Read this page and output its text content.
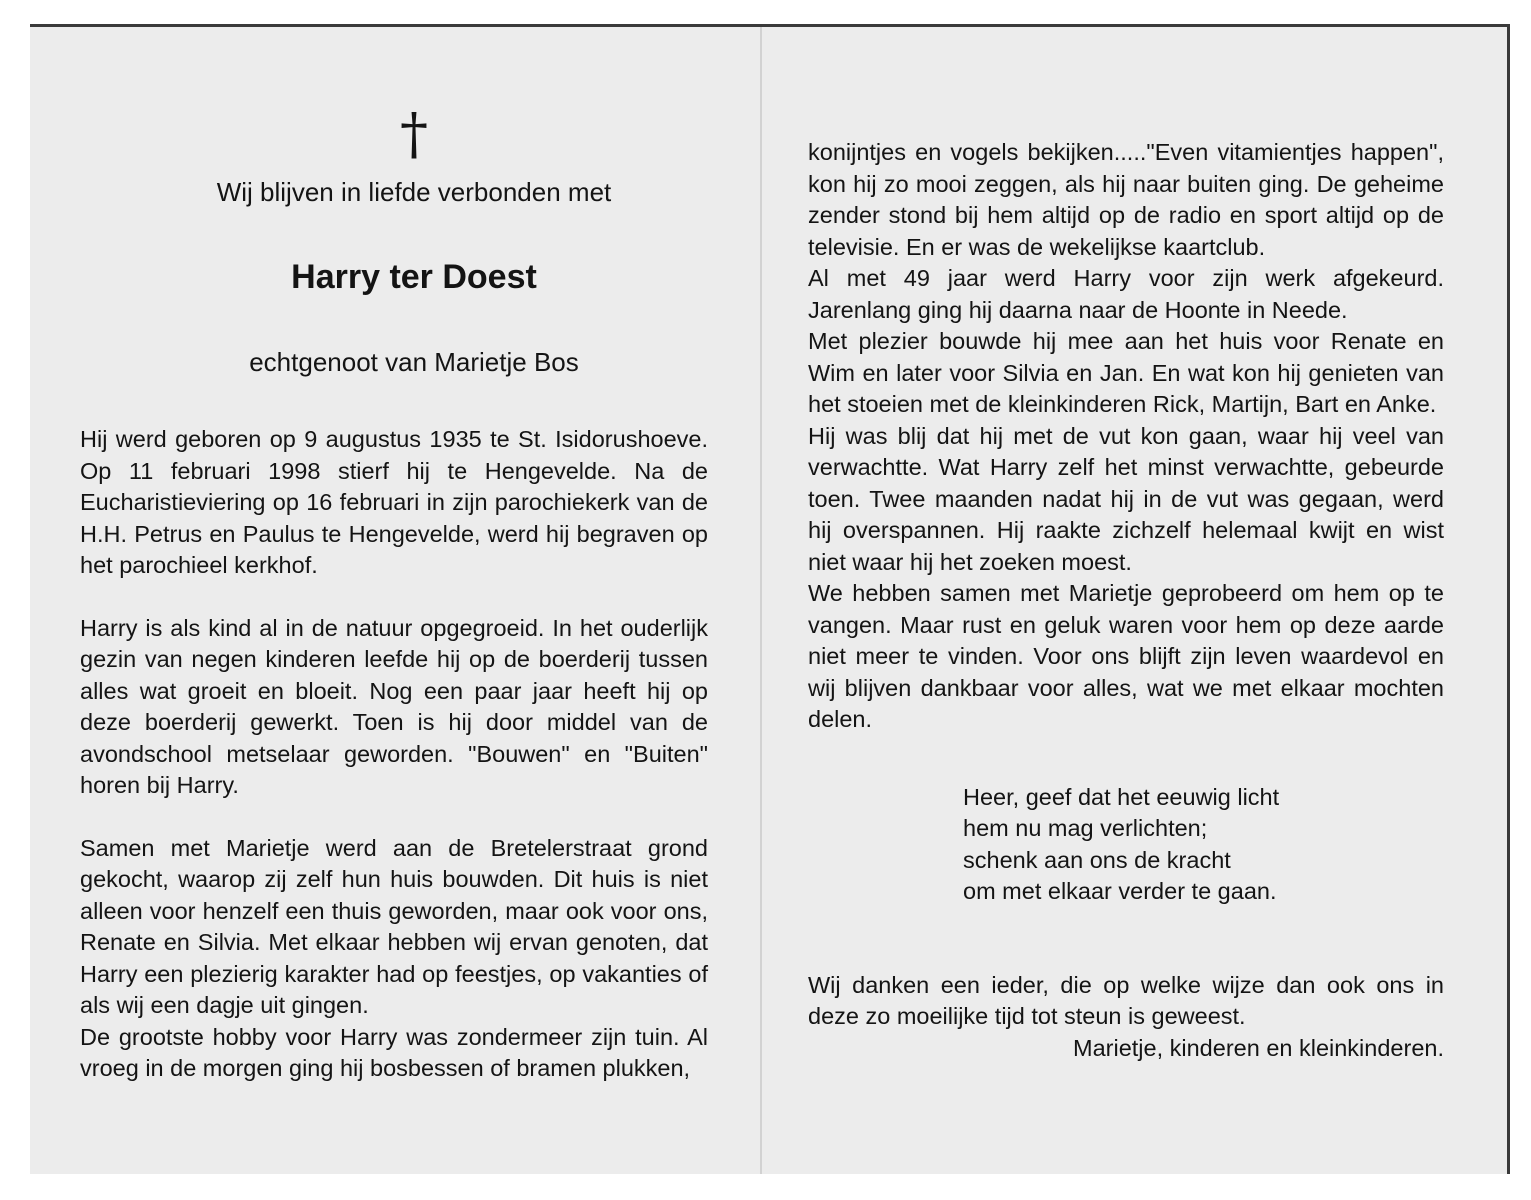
†
Wij blijven in liefde verbonden met
Harry ter Doest
echtgenoot van Marietje Bos

Hij werd geboren op 9 augustus 1935 te St. Isidorushoeve. Op 11 februari 1998 stierf hij te Hengevelde. Na de Eucharistieviering op 16 februari in zijn parochiekerk van de H.H. Petrus en Paulus te Hengevelde, werd hij begraven op het parochieel kerkhof.

Harry is als kind al in de natuur opgegroeid. In het ouderlijk gezin van negen kinderen leefde hij op de boerderij tussen alles wat groeit en bloeit. Nog een paar jaar heeft hij op deze boerderij gewerkt. Toen is hij door middel van de avondschool metselaar geworden. "Bouwen" en "Buiten" horen bij Harry.

Samen met Marietje werd aan de Bretelerstraat grond gekocht, waarop zij zelf hun huis bouwden. Dit huis is niet alleen voor henzelf een thuis geworden, maar ook voor ons, Renate en Silvia. Met elkaar hebben wij ervan genoten, dat Harry een plezierig karakter had op feestjes, op vakanties of als wij een dagje uit gingen.

De grootste hobby voor Harry was zondermeer zijn tuin. Al vroeg in de morgen ging hij bosbessen of bramen plukken,

konijntjes en vogels bekijken....."Even vitamientjes happen", kon hij zo mooi zeggen, als hij naar buiten ging. De geheime zender stond bij hem altijd op de radio en sport altijd op de televisie. En er was de wekelijkse kaartclub.

Al met 49 jaar werd Harry voor zijn werk afgekeurd. Jarenlang ging hij daarna naar de Hoonte in Neede.

Met plezier bouwde hij mee aan het huis voor Renate en Wim en later voor Silvia en Jan. En wat kon hij genieten van het stoeien met de kleinkinderen Rick, Martijn, Bart en Anke.

Hij was blij dat hij met de vut kon gaan, waar hij veel van verwachtte. Wat Harry zelf het minst verwachtte, gebeurde toen. Twee maanden nadat hij in de vut was gegaan, werd hij overspannen. Hij raakte zichzelf helemaal kwijt en wist niet waar hij het zoeken moest.

We hebben samen met Marietje geprobeerd om hem op te vangen. Maar rust en geluk waren voor hem op deze aarde niet meer te vinden. Voor ons blijft zijn leven waardevol en wij blijven dankbaar voor alles, wat we met elkaar mochten delen.

Heer, geef dat het eeuwig licht
hem nu mag verlichten;
schenk aan ons de kracht
om met elkaar verder te gaan.

Wij danken een ieder, die op welke wijze dan ook ons in deze zo moeilijke tijd tot steun is geweest.

Marietje, kinderen en kleinkinderen.
